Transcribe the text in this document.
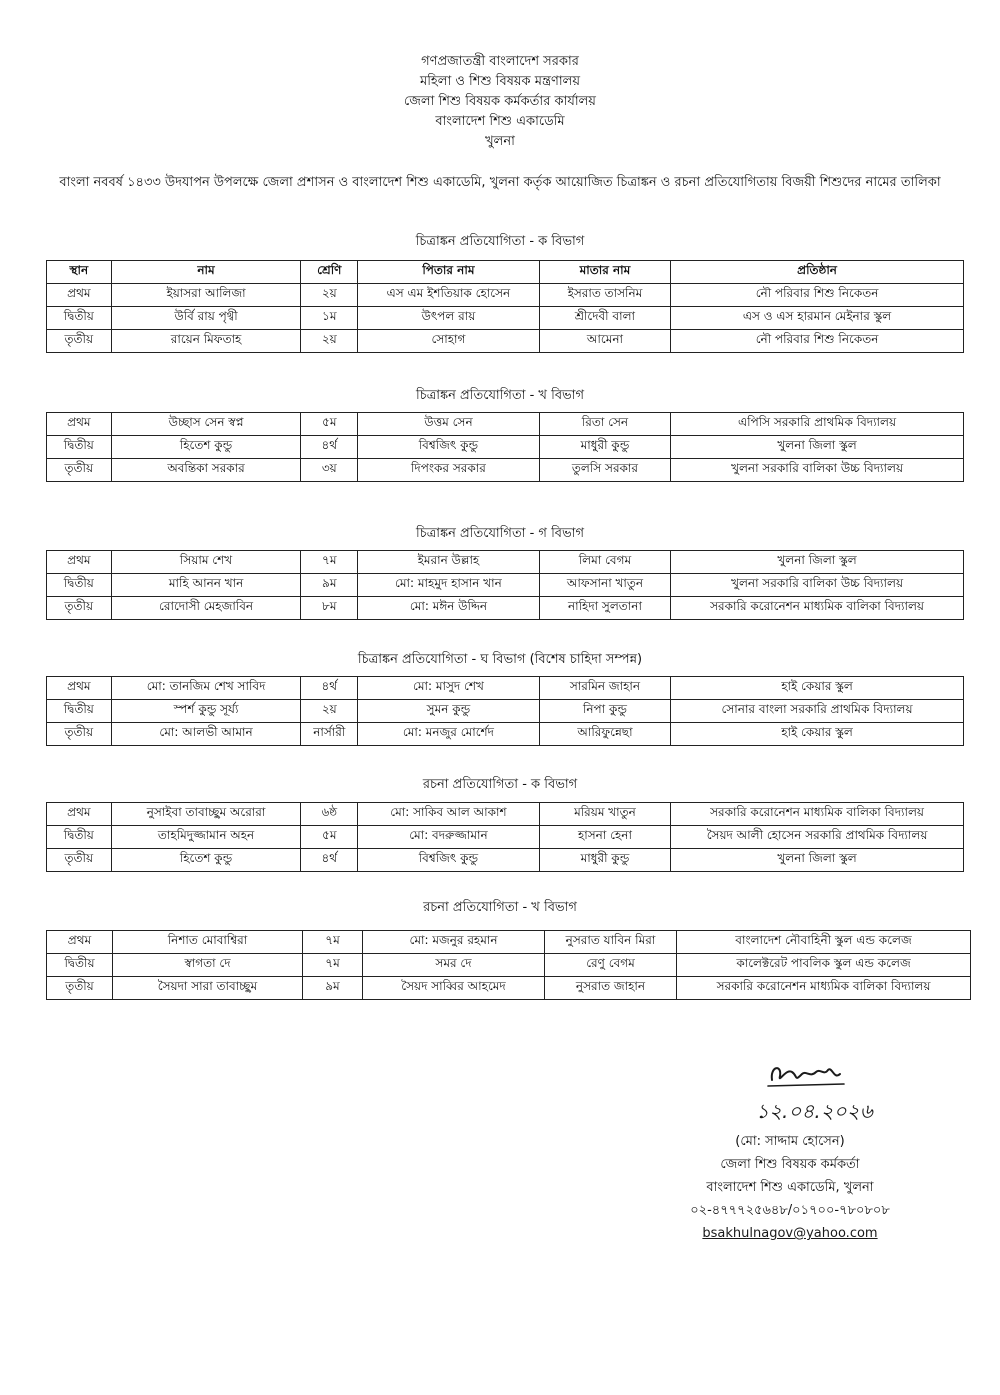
গণপ্রজাতন্ত্রী বাংলাদেশ সরকার
মহিলা ও শিশু বিষয়ক মন্ত্রণালয়
জেলা শিশু বিষয়ক কর্মকর্তার কার্যালয়
বাংলাদেশ শিশু একাডেমি
খুলনা
বাংলা নববর্ষ ১৪৩৩ উদযাপন উপলক্ষে জেলা প্রশাসন ও বাংলাদেশ শিশু একাডেমি, খুলনা কর্তৃক আয়োজিত চিত্রাঙ্কন ও রচনা প্রতিযোগিতায় বিজয়ী শিশুদের নামের তালিকা
চিত্রাঙ্কন প্রতিযোগিতা - ক বিভাগ
স্থান	নাম	শ্রেণি	পিতার নাম	মাতার নাম	প্রতিষ্ঠান
প্রথম	ইয়াসরা আলিজা	২য়	এস এম ইশতিয়াক হোসেন	ইসরাত তাসনিম	নৌ পরিবার শিশু নিকেতন
দ্বিতীয়	উর্বি রায় পৃথ্বী	১ম	উৎপল রায়	শ্রীদেবী বালা	এস ও এস হারমান মেইনার স্কুল
তৃতীয়	রায়েন মিফতাহ	২য়	সোহাগ	আমেনা	নৌ পরিবার শিশু নিকেতন
চিত্রাঙ্কন প্রতিযোগিতা - খ বিভাগ
প্রথম	উচ্ছাস সেন স্বপ্ন	৫ম	উত্তম সেন	রিতা সেন	এপিসি সরকারি প্রাথমিক বিদ্যালয়
দ্বিতীয়	হিতেশ কুন্ডু	৪র্থ	বিশ্বজিৎ কুন্ডু	মাধুরী কুন্ডু	খুলনা জিলা স্কুল
তৃতীয়	অবন্তিকা সরকার	৩য়	দিপংকর সরকার	তুলসি সরকার	খুলনা সরকারি বালিকা উচ্চ বিদ্যালয়
চিত্রাঙ্কন প্রতিযোগিতা - গ বিভাগ
প্রথম	সিয়াম শেখ	৭ম	ইমরান উল্লাহ	লিমা বেগম	খুলনা জিলা স্কুল
দ্বিতীয়	মাহি আনন খান	৯ম	মো: মাহমুদ হাসান খান	আফসানা খাতুন	খুলনা সরকারি বালিকা উচ্চ বিদ্যালয়
তৃতীয়	রোদোসী মেহজাবিন	৮ম	মো: মঈন উদ্দিন	নাহিদা সুলতানা	সরকারি করোনেশন মাধ্যমিক বালিকা বিদ্যালয়
চিত্রাঙ্কন প্রতিযোগিতা - ঘ বিভাগ (বিশেষ চাহিদা সম্পন্ন)
প্রথম	মো: তানজিম শেখ সাবিদ	৪র্থ	মো: মাসুদ শেখ	সারমিন জাহান	হাই কেয়ার স্কুল
দ্বিতীয়	স্পর্শ কুন্ডু সূর্য্য	২য়	সুমন কুন্ডু	নিপা কুন্ডু	সোনার বাংলা সরকারি প্রাথমিক বিদ্যালয়
তৃতীয়	মো: আলভী আমান	নার্সারী	মো: মনজুর মোর্শেদ	আরিফুন্নেছা	হাই কেয়ার স্কুল
রচনা প্রতিযোগিতা - ক বিভাগ
প্রথম	নুসাইবা তাবাচ্ছুম অরোরা	৬ষ্ঠ	মো: সাকিব আল আকাশ	মরিয়ম খাতুন	সরকারি করোনেশন মাধ্যমিক বালিকা বিদ্যালয়
দ্বিতীয়	তাহমিদুজ্জামান অহন	৫ম	মো: বদরুজ্জামান	হাসনা হেনা	সৈয়দ আলী হোসেন সরকারি প্রাথমিক বিদ্যালয়
তৃতীয়	হিতেশ কুন্ডু	৪র্থ	বিশ্বজিৎ কুন্ডু	মাধুরী কুন্ডু	খুলনা জিলা স্কুল
রচনা প্রতিযোগিতা - খ বিভাগ
প্রথম	নিশাত মোবাশ্বিরা	৭ম	মো: মজনুর রহমান	নুসরাত যাবিন মিরা	বাংলাদেশ নৌবাহিনী স্কুল এন্ড কলেজ
দ্বিতীয়	স্বাগতা দে	৭ম	সমর দে	রেণু বেগম	কালেক্টরেট পাবলিক স্কুল এন্ড কলেজ
তৃতীয়	সৈয়দা সারা তাবাচ্ছুম	৯ম	সৈয়দ সাব্বির আহমেদ	নুসরাত জাহান	সরকারি করোনেশন মাধ্যমিক বালিকা বিদ্যালয়
১২.০৪.২০২৬
(মো: সাদ্দাম হোসেন)
জেলা শিশু বিষয়ক কর্মকর্তা
বাংলাদেশ শিশু একাডেমি, খুলনা
০২-৪৭৭৭২৫৬৪৮/০১৭০০-৭৮০৮০৮
bsakhulnagov@yahoo.com
